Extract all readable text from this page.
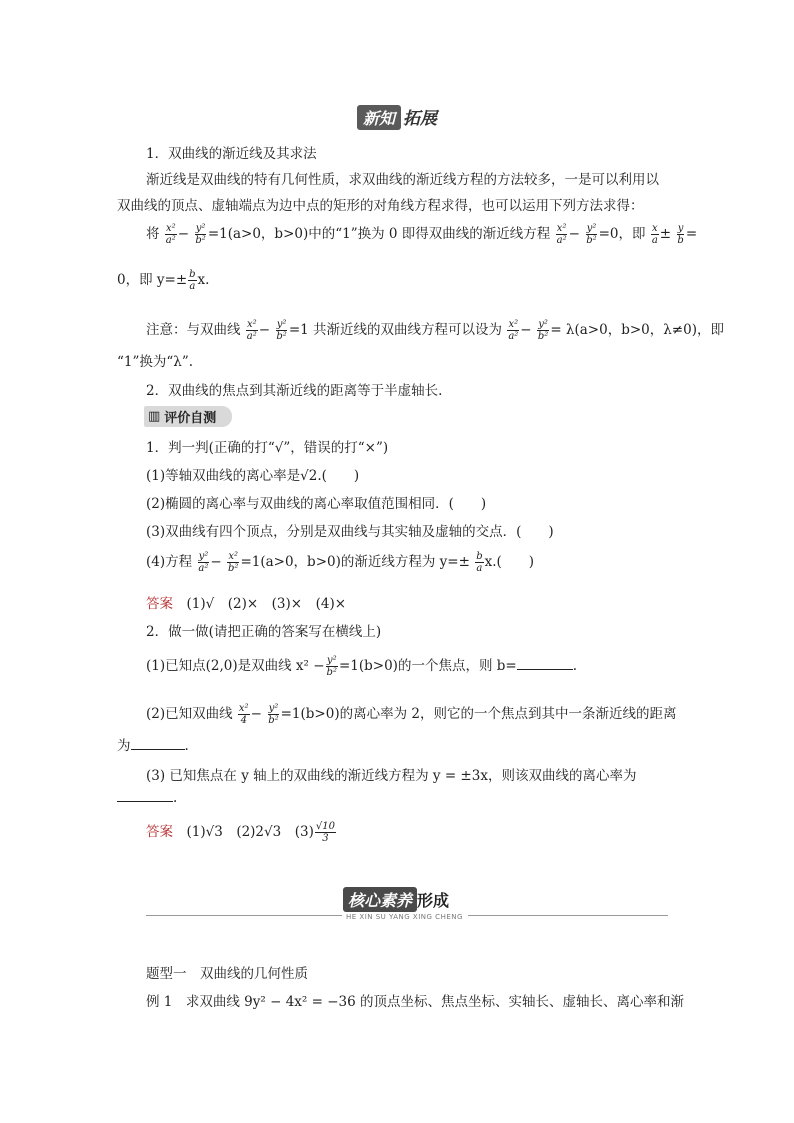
新知 拓展
1．双曲线的渐近线及其求法
渐近线是双曲线的特有几何性质，求双曲线的渐近线方程的方法较多，一是可以利用以
双曲线的顶点、虚轴端点为边中点的矩形的对角线方程求得，也可以运用下列方法求得：
将 $\frac{\text{x²}}{\text{a²}} - \frac{\text{y²}}{\text{b²}} =1(a>0$，b>0)中的“1”换为 0 即得双曲线的渐近线方程 $\frac{\text{x²}}{\text{a²}} - \frac{\text{y²}}{\text{b²}} =0$，即 $\frac{x}{a} \pm \frac{y}{b}$ =
0，即 $y=\pm \frac{b}{a} x$.
注意：与双曲线 $\frac{\text{x²}}{\text{a²}} - \frac{\text{y²}}{\text{b²}} =1$ 共渐近线的双曲线方程可以设为 $\frac{\text{x²}}{\text{a²}} - \frac{\text{y²}}{\text{b²}} = \lambda(a>0$，b>0，λ≠0)，即
“1”换为“λ”.
2．双曲线的焦点到其渐近线的距离等于半虚轴长.
▥ 评价自测
1．判一判(正确的打“√”，错误的打“×”)
(1)等轴双曲线的离心率是√2.(　　)
(2)椭圆的离心率与双曲线的离心率取值范围相同．(　　)
(3)双曲线有四个顶点，分别是双曲线与其实轴及虚轴的交点．(　　)
(4)方程 $\frac{\text{y²}}{\text{a²}} - \frac{\text{x²}}{\text{b²}} =1(a>0$，b>0)的渐近线方程为 $y=\pm \frac{b}{a} x$.(　　)
答案　 (1)√　(2)×　(3)×　(4)×
2．做一做(请把正确的答案写在横线上)
(1)已知点(2,0)是双曲线 $x^2 - \frac{\text{y²}}{\text{b²}} =1(b>0)$的一个焦点，则 b=	.
(2)已知双曲线 $\frac{\text{x²}}{4} - \frac{\text{y²}}{\text{b²}} =1(b>0)$的离心率为 2，则它的一个焦点到其中一条渐近线的距离
为	.
(3) 已知焦点在 y 轴上的双曲线的渐近线方程为 y = ±3x，则该双曲线的离心率为
.
答案　 (1)√3　(2)2√3　$(3) \frac{√10}{3}$
核心素养 形成
HE XIN SU YANG XING CHENG
题型一　双曲线的几何性质
例 1　求双曲线 9y² − 4x² = −36 的顶点坐标、焦点坐标、实轴长、虚轴长、离心率和渐
